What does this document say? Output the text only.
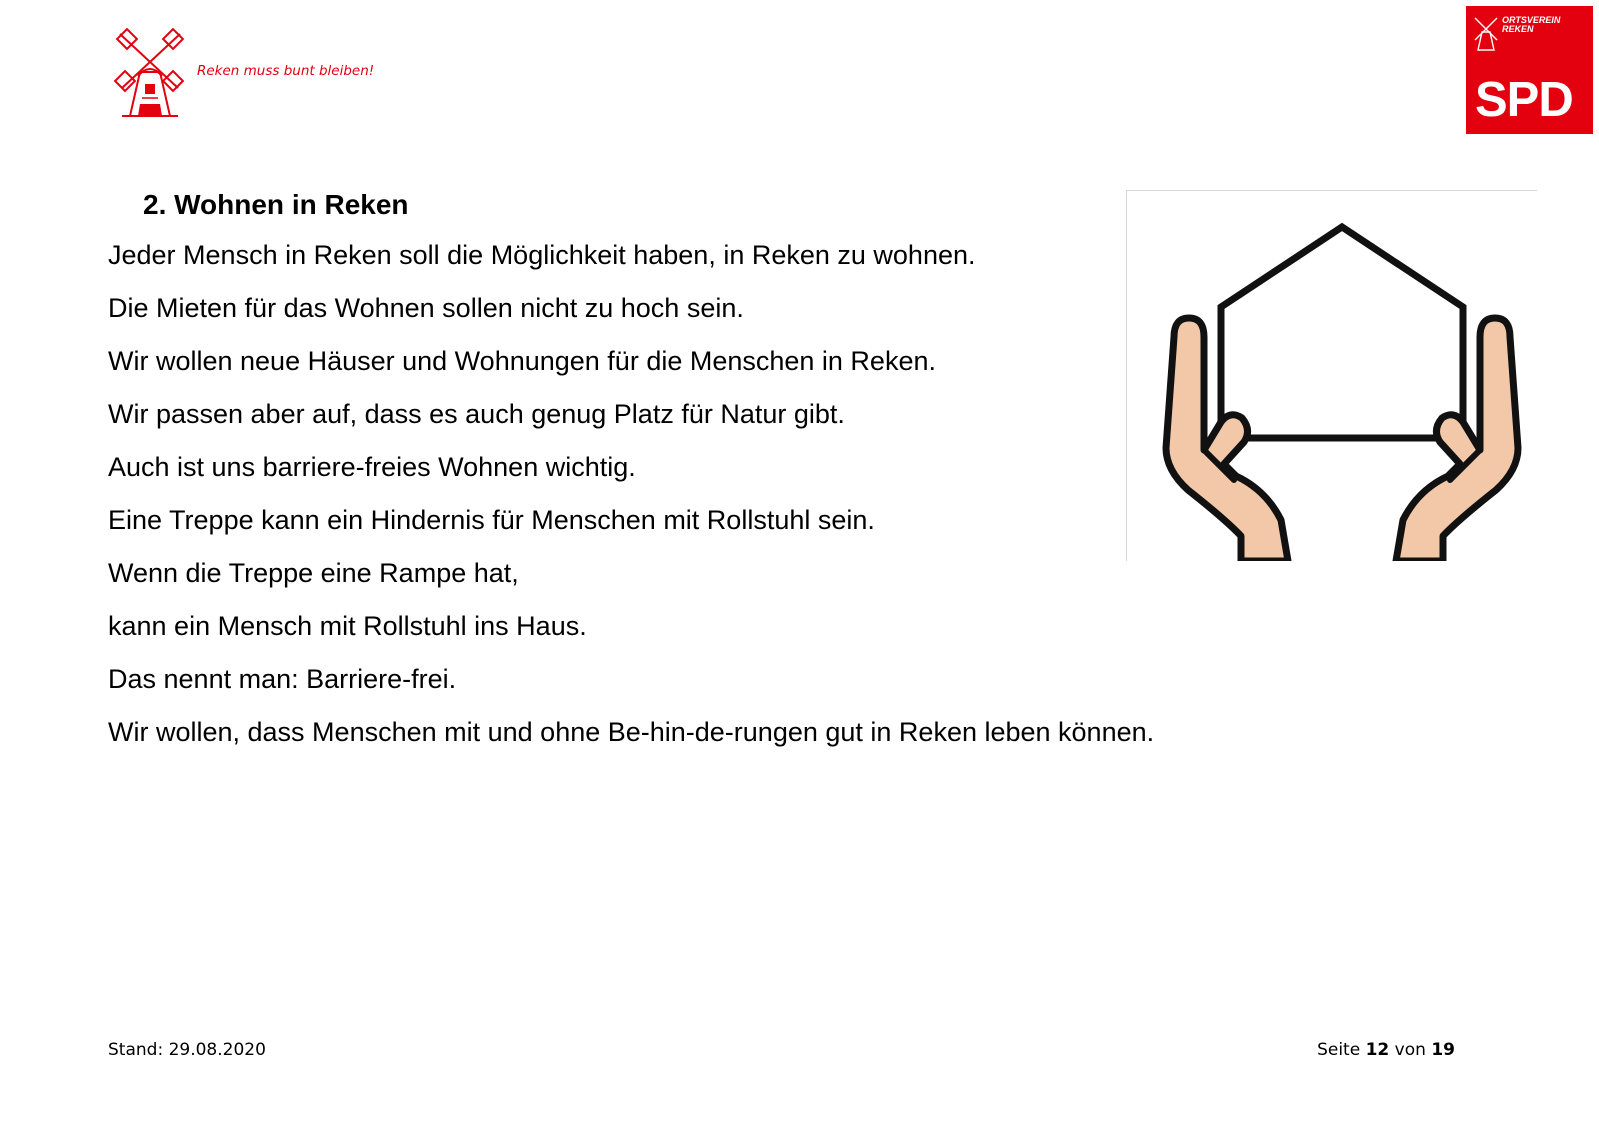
Reken muss bunt bleiben!
ORTSVEREIN REKEN
SPD
2. Wohnen in Reken
Jeder Mensch in Reken soll die Möglichkeit haben, in Reken zu wohnen.
Die Mieten für das Wohnen sollen nicht zu hoch sein.
Wir wollen neue Häuser und Wohnungen für die Menschen in Reken.
Wir passen aber auf, dass es auch genug Platz für Natur gibt.
Auch ist uns barriere-freies Wohnen wichtig.
Eine Treppe kann ein Hindernis für Menschen mit Rollstuhl sein.
Wenn die Treppe eine Rampe hat,
kann ein Mensch mit Rollstuhl ins Haus.
Das nennt man: Barriere-frei.
Wir wollen, dass Menschen mit und ohne Be-hin-de-rungen gut in Reken leben können.
Stand: 29.08.2020	Seite 12 von 19
